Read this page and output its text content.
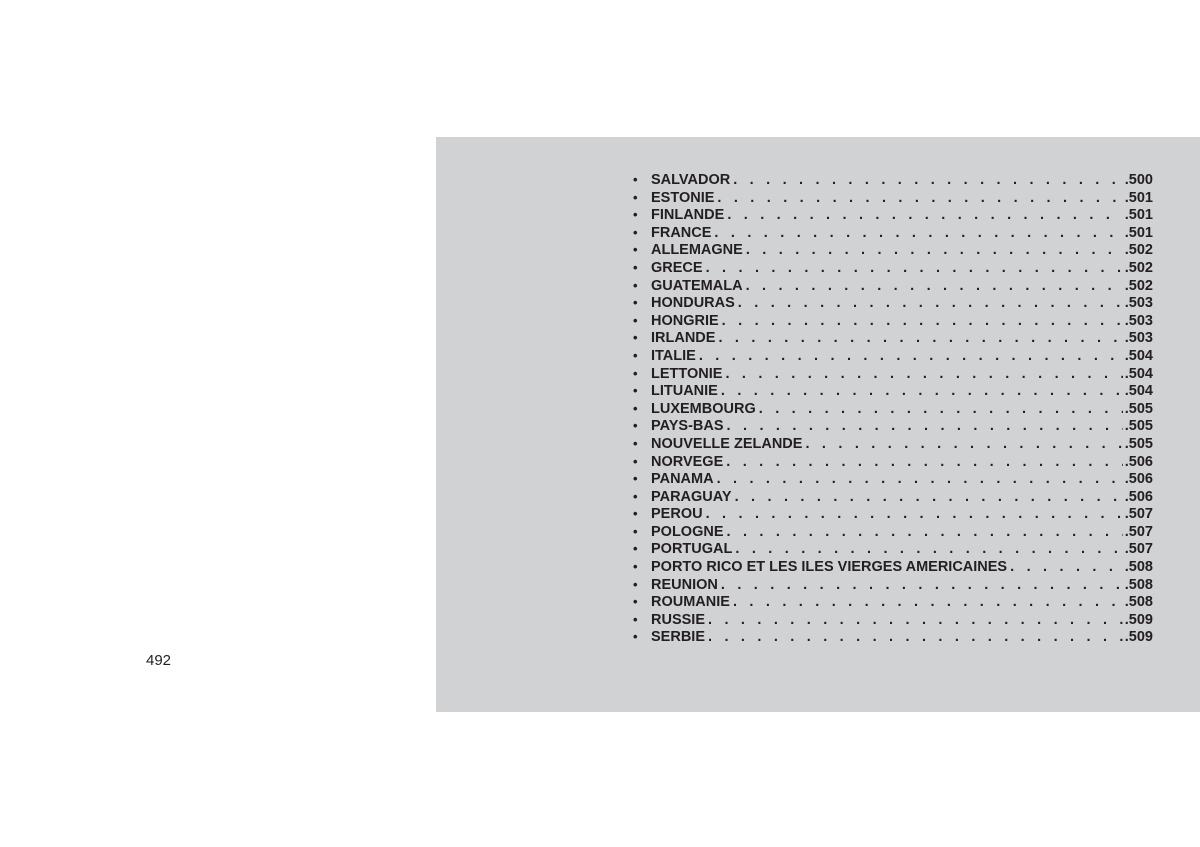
492
• SALVADOR . . .	.500
• ESTONIE . . .	.501
• FINLANDE . . .	.501
• FRANCE . . .	.501
• ALLEMAGNE . . .	.502
• GRECE . . .	.502
• GUATEMALA . . .	.502
• HONDURAS . . .	.503
• HONGRIE . . .	.503
• IRLANDE . . .	.503
• ITALIE . . .	.504
• LETTONIE . . .	.504
• LITUANIE . . .	.504
• LUXEMBOURG . . .	.505
• PAYS-BAS . . .	.505
• NOUVELLE ZELANDE . . .	.505
• NORVEGE . . .	.506
• PANAMA . . .	.506
• PARAGUAY . . .	.506
• PEROU . . .	.507
• POLOGNE . . .	.507
• PORTUGAL . . .	.507
• PORTO RICO ET LES ILES VIERGES AMERICAINES . . .	.508
• REUNION . . .	.508
• ROUMANIE . . .	.508
• RUSSIE . . .	.509
• SERBIE . . .	.509
